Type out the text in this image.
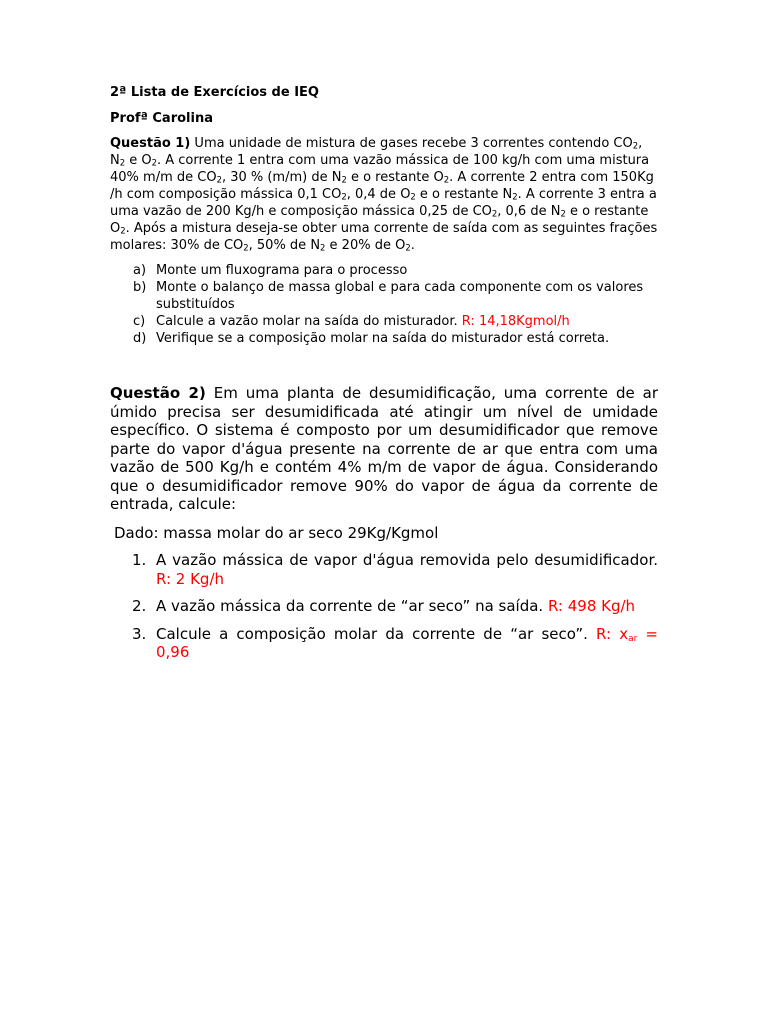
2ª Lista de Exercícios de IEQ

Profª Carolina

Questão 1) Uma unidade de mistura de gases recebe 3 correntes contendo $CO_2$, $N_2$ e $O_2$. A corrente 1 entra com uma vazão mássica de 100 kg/h com uma mistura 40% m/m de $CO_2$, 30 % (m/m) de $N_2$ e o restante $O_2$. A corrente 2 entra com 150Kg /h com composição mássica 0,1 $CO_2$, 0,4 de $O_2$ e o restante $N_2$. A corrente 3 entra a uma vazão de 200 Kg/h e composição mássica 0,25 de $CO_2$, 0,6 de $N_2$ e o restante $O_2$. Após a mistura deseja-se obter uma corrente de saída com as seguintes frações molares: 30% de $CO_2$, 50% de $N_2$ e 20% de $O_2$.

a) Monte um fluxograma para o processo
b) Monte o balanço de massa global e para cada componente com os valores substituídos
c) Calcule a vazão molar na saída do misturador. R: 14,18Kgmol/h
d) Verifique se a composição molar na saída do misturador está correta.

Questão 2) Em uma planta de desumidificação, uma corrente de ar úmido precisa ser desumidificada até atingir um nível de umidade específico. O sistema é composto por um desumidificador que remove parte do vapor d'água presente na corrente de ar que entra com uma vazão de 500 Kg/h e contém 4% m/m de vapor de água. Considerando que o desumidificador remove 90% do vapor de água da corrente de entrada, calcule:

Dado: massa molar do ar seco 29Kg/Kgmol

1. A vazão mássica de vapor d'água removida pelo desumidificador. R: 2 Kg/h
2. A vazão mássica da corrente de “ar seco” na saída. R: 498 Kg/h
3. Calcule a composição molar da corrente de “ar seco”. R: xar = 0,96
